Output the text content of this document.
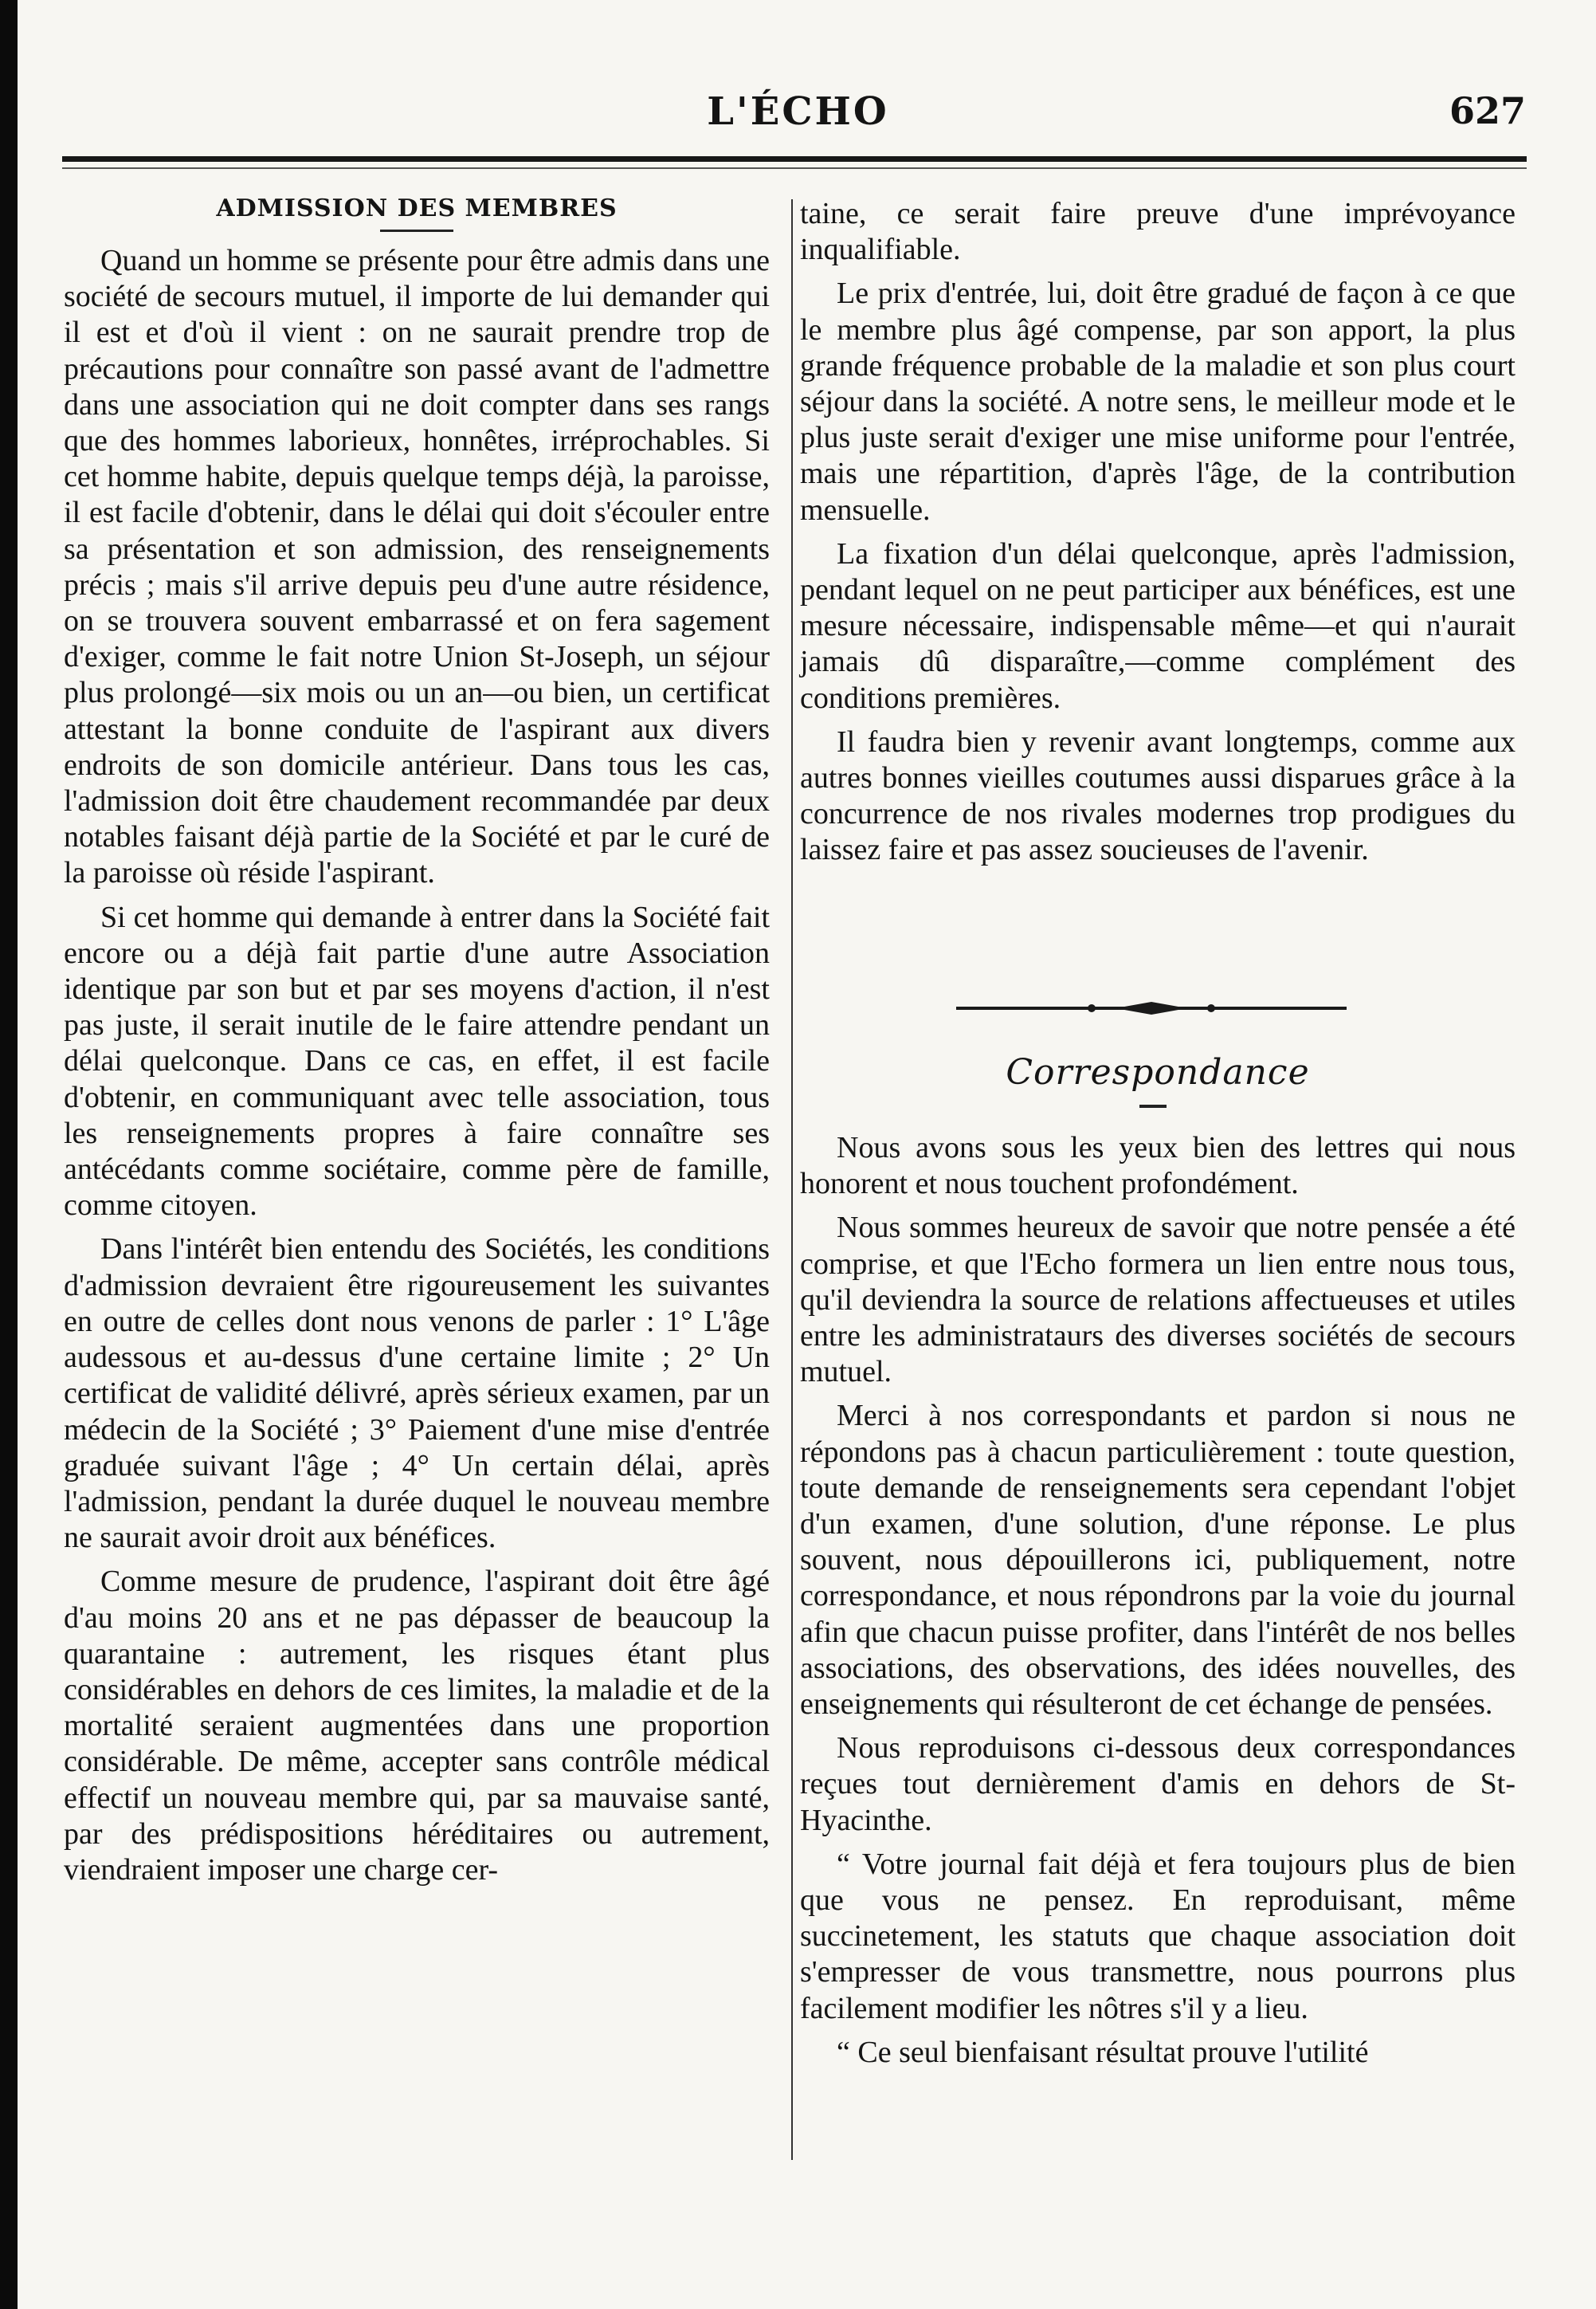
L'ÉCHO	627
ADMISSION DES MEMBRES

Quand un homme se présente pour être admis dans une société de secours mutuel, il importe de lui demander qui il est et d'où il vient : on ne saurait prendre trop de précautions pour connaître son passé avant de l'admettre dans une association qui ne doit compter dans ses rangs que des hommes laborieux, honnêtes, irréprochables. Si cet homme habite, depuis quelque temps déjà, la paroisse, il est facile d'obtenir, dans le délai qui doit s'écouler entre sa présentation et son admission, des renseignements précis ; mais s'il arrive depuis peu d'une autre résidence, on se trouvera souvent embarrassé et on fera sagement d'exiger, comme le fait notre Union St-Joseph, un séjour plus prolongé—six mois ou un an—ou bien, un certificat attestant la bonne conduite de l'aspirant aux divers endroits de son domicile antérieur. Dans tous les cas, l'admission doit être chaudement recommandée par deux notables faisant déjà partie de la Société et par le curé de la paroisse où réside l'aspirant.

Si cet homme qui demande à entrer dans la Société fait encore ou a déjà fait partie d'une autre Association identique par son but et par ses moyens d'action, il n'est pas juste, il serait inutile de le faire attendre pendant un délai quelconque. Dans ce cas, en effet, il est facile d'obtenir, en communiquant avec telle association, tous les renseignements propres à faire connaître ses antécédants comme sociétaire, comme père de famille, comme citoyen.

Dans l'intérêt bien entendu des Sociétés, les conditions d'admission devraient être rigoureusement les suivantes en outre de celles dont nous venons de parler : 1° L'âge audessous et au-dessus d'une certaine limite ; 2° Un certificat de validité délivré, après sérieux examen, par un médecin de la Société ; 3° Paiement d'une mise d'entrée graduée suivant l'âge ; 4° Un certain délai, après l'admission, pendant la durée duquel le nouveau membre ne saurait avoir droit aux bénéfices.

Comme mesure de prudence, l'aspirant doit être âgé d'au moins 20 ans et ne pas dépasser de beaucoup la quarantaine : autrement, les risques étant plus considérables en dehors de ces limites, la maladie et de la mortalité seraient augmentées dans une proportion considérable. De même, accepter sans contrôle médical effectif un nouveau membre qui, par sa mauvaise santé, par des prédispositions héréditaires ou autrement, viendraient imposer une charge cer-

taine, ce serait faire preuve d'une imprévoyance inqualifiable.

Le prix d'entrée, lui, doit être gradué de façon à ce que le membre plus âgé compense, par son apport, la plus grande fréquence probable de la maladie et son plus court séjour dans la société. A notre sens, le meilleur mode et le plus juste serait d'exiger une mise uniforme pour l'entrée, mais une répartition, d'après l'âge, de la contribution mensuelle.

La fixation d'un délai quelconque, après l'admission, pendant lequel on ne peut participer aux bénéfices, est une mesure nécessaire, indispensable même—et qui n'aurait jamais dû disparaître,—comme complément des conditions premières.

Il faudra bien y revenir avant longtemps, comme aux autres bonnes vieilles coutumes aussi disparues grâce à la concurrence de nos rivales modernes trop prodigues du laissez faire et pas assez soucieuses de l'avenir.

Correspondance

Nous avons sous les yeux bien des lettres qui nous honorent et nous touchent profondément.

Nous sommes heureux de savoir que notre pensée a été comprise, et que l'Echo formera un lien entre nous tous, qu'il deviendra la source de relations affectueuses et utiles entre les administrataurs des diverses sociétés de secours mutuel.

Merci à nos correspondants et pardon si nous ne répondons pas à chacun particulièrement : toute question, toute demande de renseignements sera cependant l'objet d'un examen, d'une solution, d'une réponse. Le plus souvent, nous dépouillerons ici, publiquement, notre correspondance, et nous répondrons par la voie du journal afin que chacun puisse profiter, dans l'intérêt de nos belles associations, des observations, des idées nouvelles, des enseignements qui résulteront de cet échange de pensées.

Nous reproduisons ci-dessous deux correspondances reçues tout dernièrement d'amis en dehors de St-Hyacinthe.

“ Votre journal fait déjà et fera toujours plus de bien que vous ne pensez. En reproduisant, même succinetement, les statuts que chaque association doit s'empresser de vous transmettre, nous pourrons plus facilement modifier les nôtres s'il y a lieu.

“ Ce seul bienfaisant résultat prouve l'utilité
